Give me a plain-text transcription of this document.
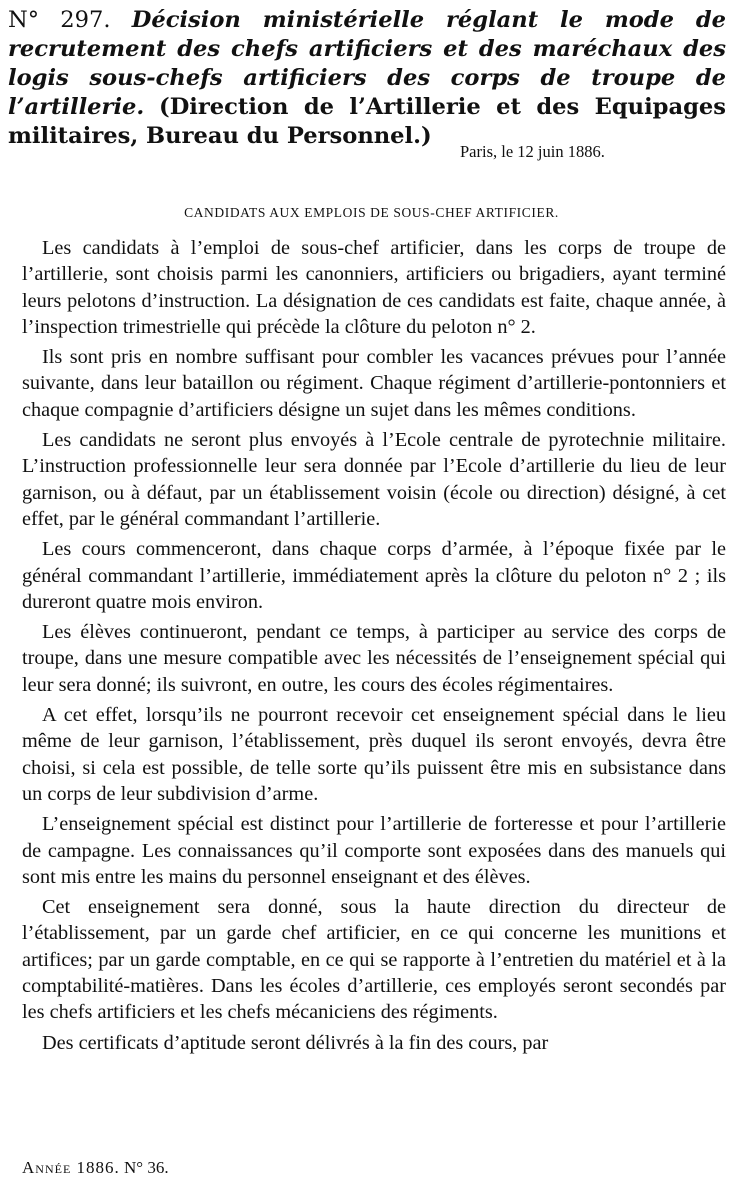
N° 297. Décision ministérielle réglant le mode de recrutement des chefs artificiers et des maréchaux des logis sous-chefs artificiers des corps de troupe de l’artillerie. (Direction de l’Artillerie et des Equipages militaires, Bureau du Personnel.)
Paris, le 12 juin 1886.
CANDIDATS AUX EMPLOIS DE SOUS-CHEF ARTIFICIER.

Les candidats à l’emploi de sous-chef artificier, dans les corps de troupe de l’artillerie, sont choisis parmi les canonniers, artificiers ou brigadiers, ayant terminé leurs pelotons d’instruction. La désignation de ces candidats est faite, chaque année, à l’inspection trimestrielle qui précède la clôture du peloton n° 2.

Ils sont pris en nombre suffisant pour combler les vacances prévues pour l’année suivante, dans leur bataillon ou régiment. Chaque régiment d’artillerie-pontonniers et chaque compagnie d’artificiers désigne un sujet dans les mêmes conditions.

Les candidats ne seront plus envoyés à l’Ecole centrale de pyrotechnie militaire. L’instruction professionnelle leur sera donnée par l’Ecole d’artillerie du lieu de leur garnison, ou à défaut, par un établissement voisin (école ou direction) désigné, à cet effet, par le général commandant l’artillerie.

Les cours commenceront, dans chaque corps d’armée, à l’époque fixée par le général commandant l’artillerie, immédiatement après la clôture du peloton n° 2 ; ils dureront quatre mois environ.

Les élèves continueront, pendant ce temps, à participer au service des corps de troupe, dans une mesure compatible avec les nécessités de l’enseignement spécial qui leur sera donné; ils suivront, en outre, les cours des écoles régimentaires.

A cet effet, lorsqu’ils ne pourront recevoir cet enseignement spécial dans le lieu même de leur garnison, l’établissement, près duquel ils seront envoyés, devra être choisi, si cela est possible, de telle sorte qu’ils puissent être mis en subsistance dans un corps de leur subdivision d’arme.

L’enseignement spécial est distinct pour l’artillerie de forteresse et pour l’artillerie de campagne. Les connaissances qu’il comporte sont exposées dans des manuels qui sont mis entre les mains du personnel enseignant et des élèves.

Cet enseignement sera donné, sous la haute direction du directeur de l’établissement, par un garde chef artificier, en ce qui concerne les munitions et artifices; par un garde comptable, en ce qui se rapporte à l’entretien du matériel et à la comptabilité-matières. Dans les écoles d’artillerie, ces employés seront secondés par les chefs artificiers et les chefs mécaniciens des régiments.

Des certificats d’aptitude seront délivrés à la fin des cours, par

Année 1886. N° 36.
